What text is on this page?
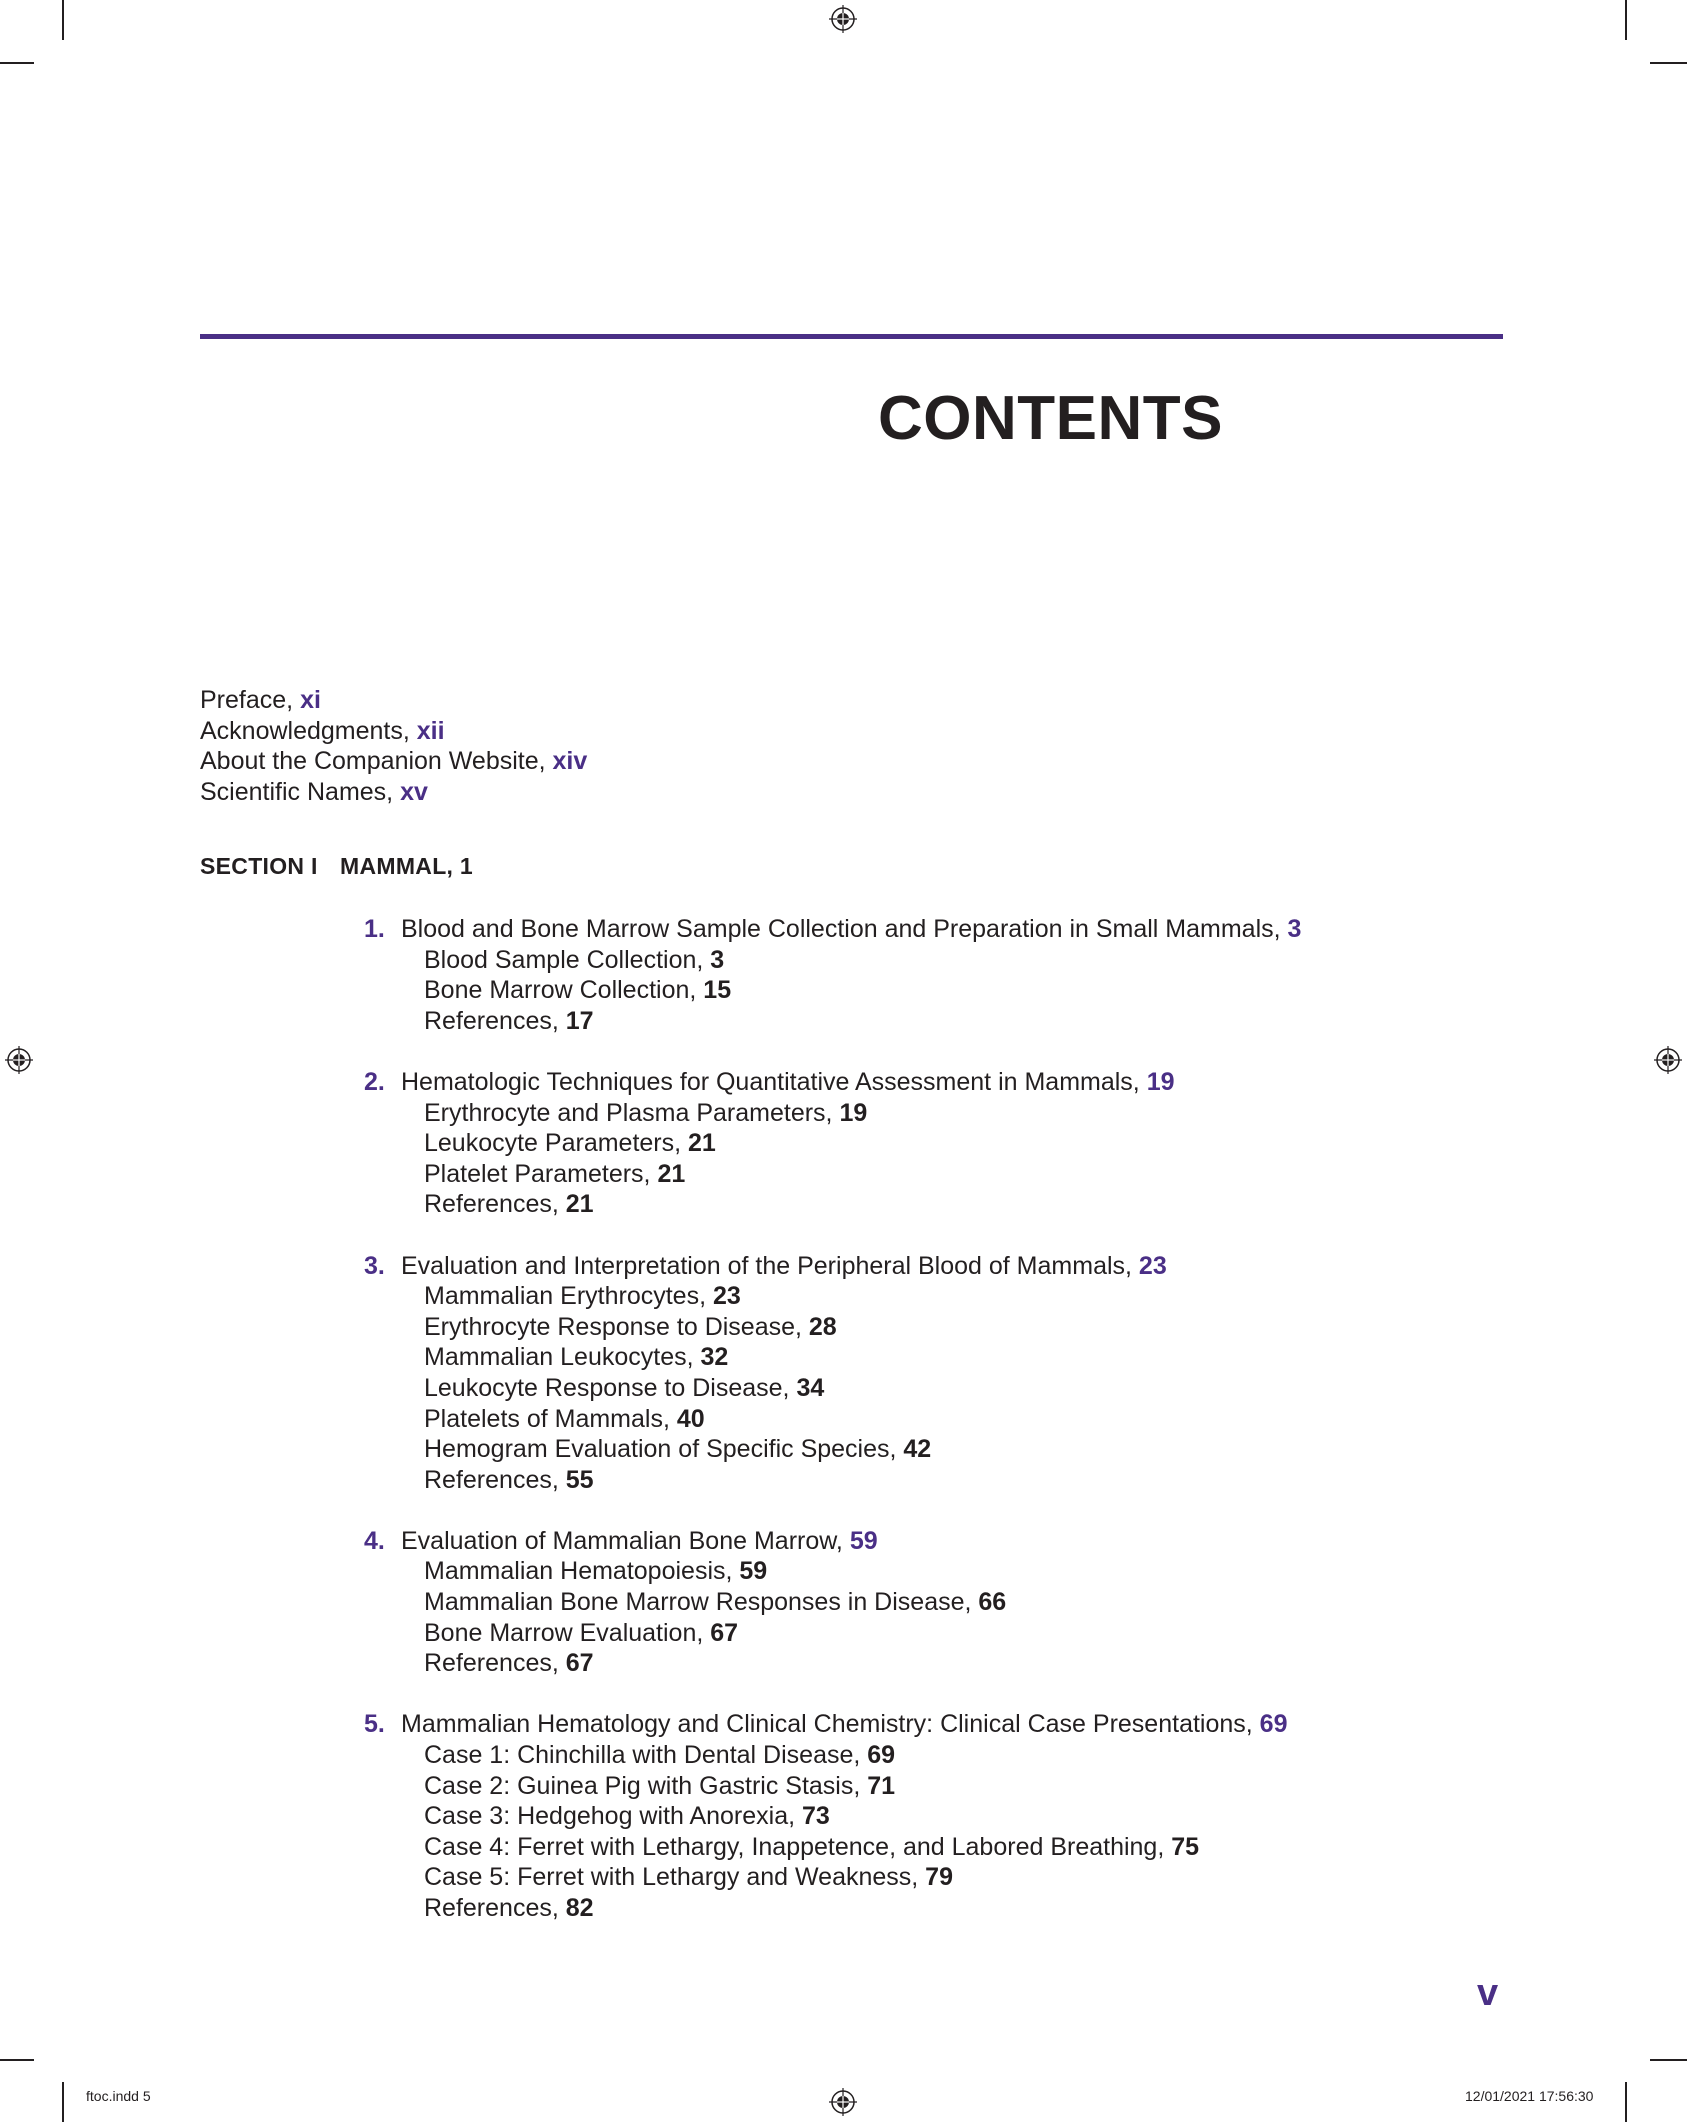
CONTENTS
Preface, xi
Acknowledgments, xii
About the Companion Website, xiv
Scientific Names, xv
SECTION I MAMMAL, 1
1. Blood and Bone Marrow Sample Collection and Preparation in Small Mammals, 3
Blood Sample Collection, 3
Bone Marrow Collection, 15
References, 17
2. Hematologic Techniques for Quantitative Assessment in Mammals, 19
Erythrocyte and Plasma Parameters, 19
Leukocyte Parameters, 21
Platelet Parameters, 21
References, 21
3. Evaluation and Interpretation of the Peripheral Blood of Mammals, 23
Mammalian Erythrocytes, 23
Erythrocyte Response to Disease, 28
Mammalian Leukocytes, 32
Leukocyte Response to Disease, 34
Platelets of Mammals, 40
Hemogram Evaluation of Specific Species, 42
References, 55
4. Evaluation of Mammalian Bone Marrow, 59
Mammalian Hematopoiesis, 59
Mammalian Bone Marrow Responses in Disease, 66
Bone Marrow Evaluation, 67
References, 67
5. Mammalian Hematology and Clinical Chemistry: Clinical Case Presentations, 69
Case 1: Chinchilla with Dental Disease, 69
Case 2: Guinea Pig with Gastric Stasis, 71
Case 3: Hedgehog with Anorexia, 73
Case 4: Ferret with Lethargy, Inappetence, and Labored Breathing, 75
Case 5: Ferret with Lethargy and Weakness, 79
References, 82
v
ftoc.indd 5	12/01/2021 17:56:30
